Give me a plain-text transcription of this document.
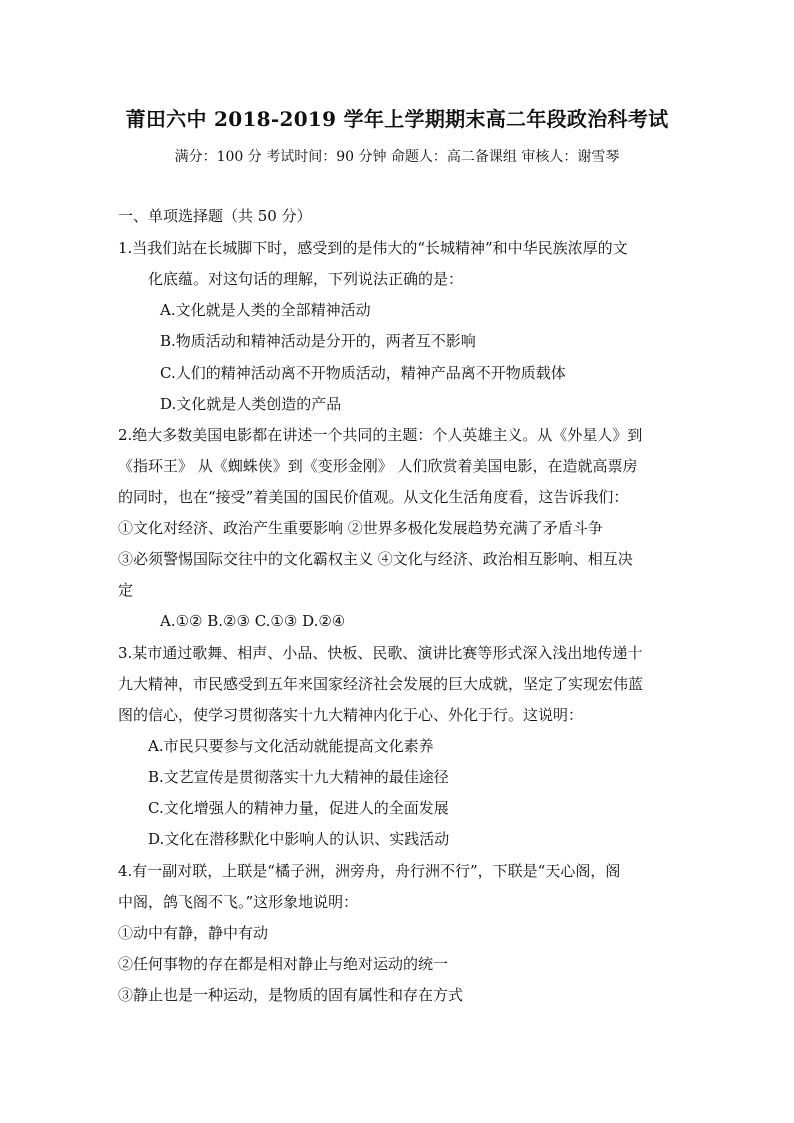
莆田六中 2018-2019 学年上学期期末高二年段政治科考试
满分：100 分 考试时间：90 分钟 命题人：高二备课组 审核人：谢雪琴
一、单项选择题（共 50 分）
1.当我们站在长城脚下时，感受到的是伟大的“长城精神”和中华民族浓厚的文
化底蕴。对这句话的理解，下列说法正确的是：
A.文化就是人类的全部精神活动
B.物质活动和精神活动是分开的，两者互不影响
C.人们的精神活动离不开物质活动，精神产品离不开物质载体
D.文化就是人类创造的产品
2.绝大多数美国电影都在讲述一个共同的主题：个人英雄主义。从《外星人》到
《指环王》 从《蜘蛛侠》到《变形金刚》 人们欣赏着美国电影，在造就高票房
的同时，也在“接受”着美国的国民价值观。从文化生活角度看，这告诉我们：
①文化对经济、政治产生重要影响 ②世界多极化发展趋势充满了矛盾斗争
③必须警惕国际交往中的文化霸权主义 ④文化与经济、政治相互影响、相互决
定
A.①② B.②③ C.①③ D.②④
3.某市通过歌舞、相声、小品、快板、民歌、演讲比赛等形式深入浅出地传递十
九大精神，市民感受到五年来国家经济社会发展的巨大成就，坚定了实现宏伟蓝
图的信心，使学习贯彻落实十九大精神内化于心、外化于行。这说明：
A.市民只要参与文化活动就能提高文化素养
B.文艺宣传是贯彻落实十九大精神的最佳途径
C.文化增强人的精神力量，促进人的全面发展
D.文化在潜移默化中影响人的认识、实践活动
4.有一副对联，上联是“橘子洲，洲旁舟，舟行洲不行”，下联是“天心阁，阁
中阁，鸽飞阁不飞。”这形象地说明：
①动中有静，静中有动
②任何事物的存在都是相对静止与绝对运动的统一
③静止也是一种运动，是物质的固有属性和存在方式
